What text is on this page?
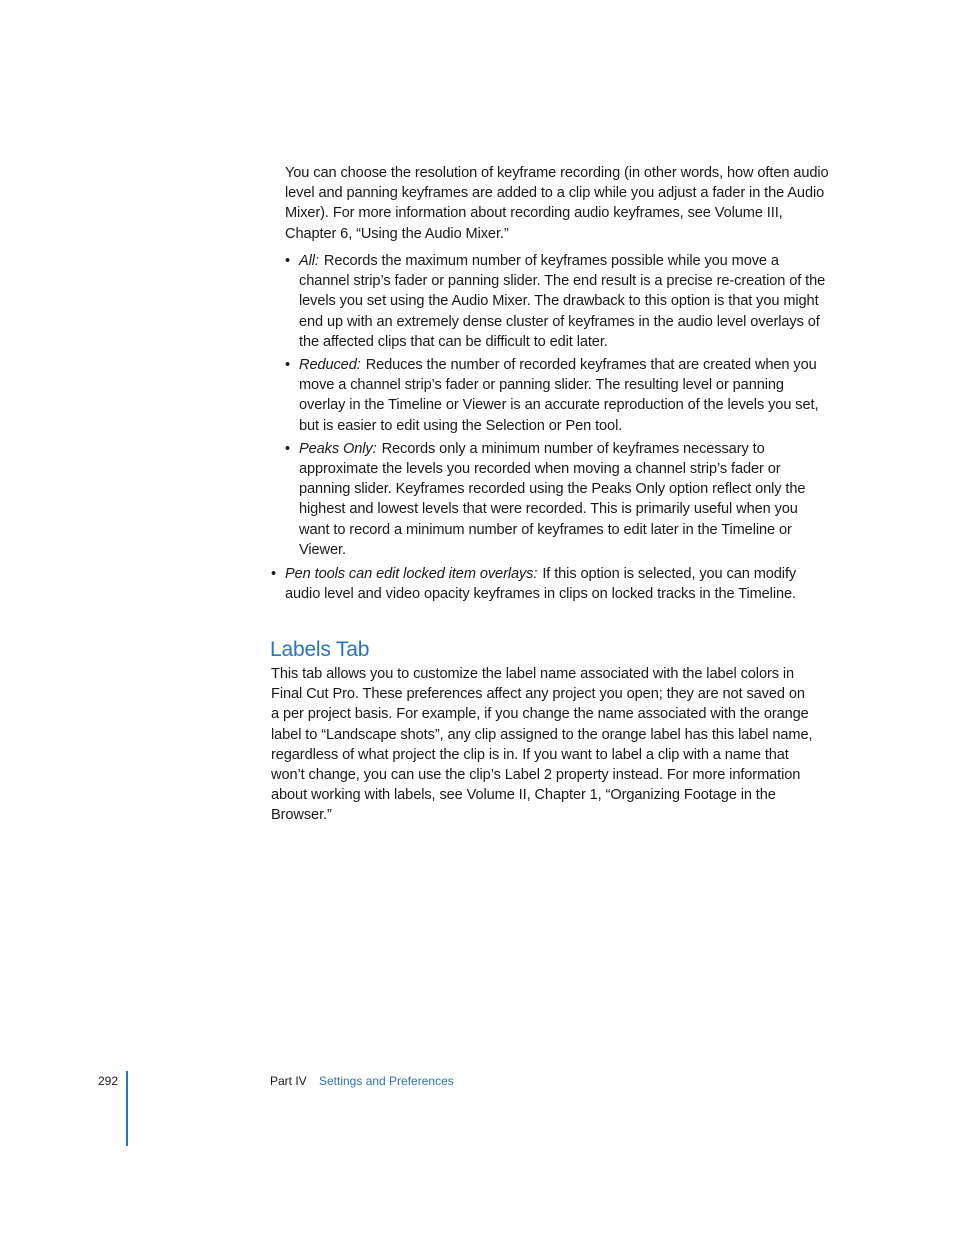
You can choose the resolution of keyframe recording (in other words, how often audio level and panning keyframes are added to a clip while you adjust a fader in the Audio Mixer). For more information about recording audio keyframes, see Volume III, Chapter 6, “Using the Audio Mixer.”

• All: Records the maximum number of keyframes possible while you move a channel strip’s fader or panning slider. The end result is a precise re-creation of the levels you set using the Audio Mixer. The drawback to this option is that you might end up with an extremely dense cluster of keyframes in the audio level overlays of the affected clips that can be difficult to edit later.
• Reduced: Reduces the number of recorded keyframes that are created when you move a channel strip’s fader or panning slider. The resulting level or panning overlay in the Timeline or Viewer is an accurate reproduction of the levels you set, but is easier to edit using the Selection or Pen tool.
• Peaks Only: Records only a minimum number of keyframes necessary to approximate the levels you recorded when moving a channel strip’s fader or panning slider. Keyframes recorded using the Peaks Only option reflect only the highest and lowest levels that were recorded. This is primarily useful when you want to record a minimum number of keyframes to edit later in the Timeline or Viewer.
• Pen tools can edit locked item overlays: If this option is selected, you can modify audio level and video opacity keyframes in clips on locked tracks in the Timeline.
Labels Tab

This tab allows you to customize the label name associated with the label colors in Final Cut Pro. These preferences affect any project you open; they are not saved on a per project basis. For example, if you change the name associated with the orange label to “Landscape shots”, any clip assigned to the orange label has this label name, regardless of what project the clip is in. If you want to label a clip with a name that won’t change, you can use the clip’s Label 2 property instead. For more information about working with labels, see Volume II, Chapter 1, “Organizing Footage in the Browser.”

292	Part IV Settings and Preferences
